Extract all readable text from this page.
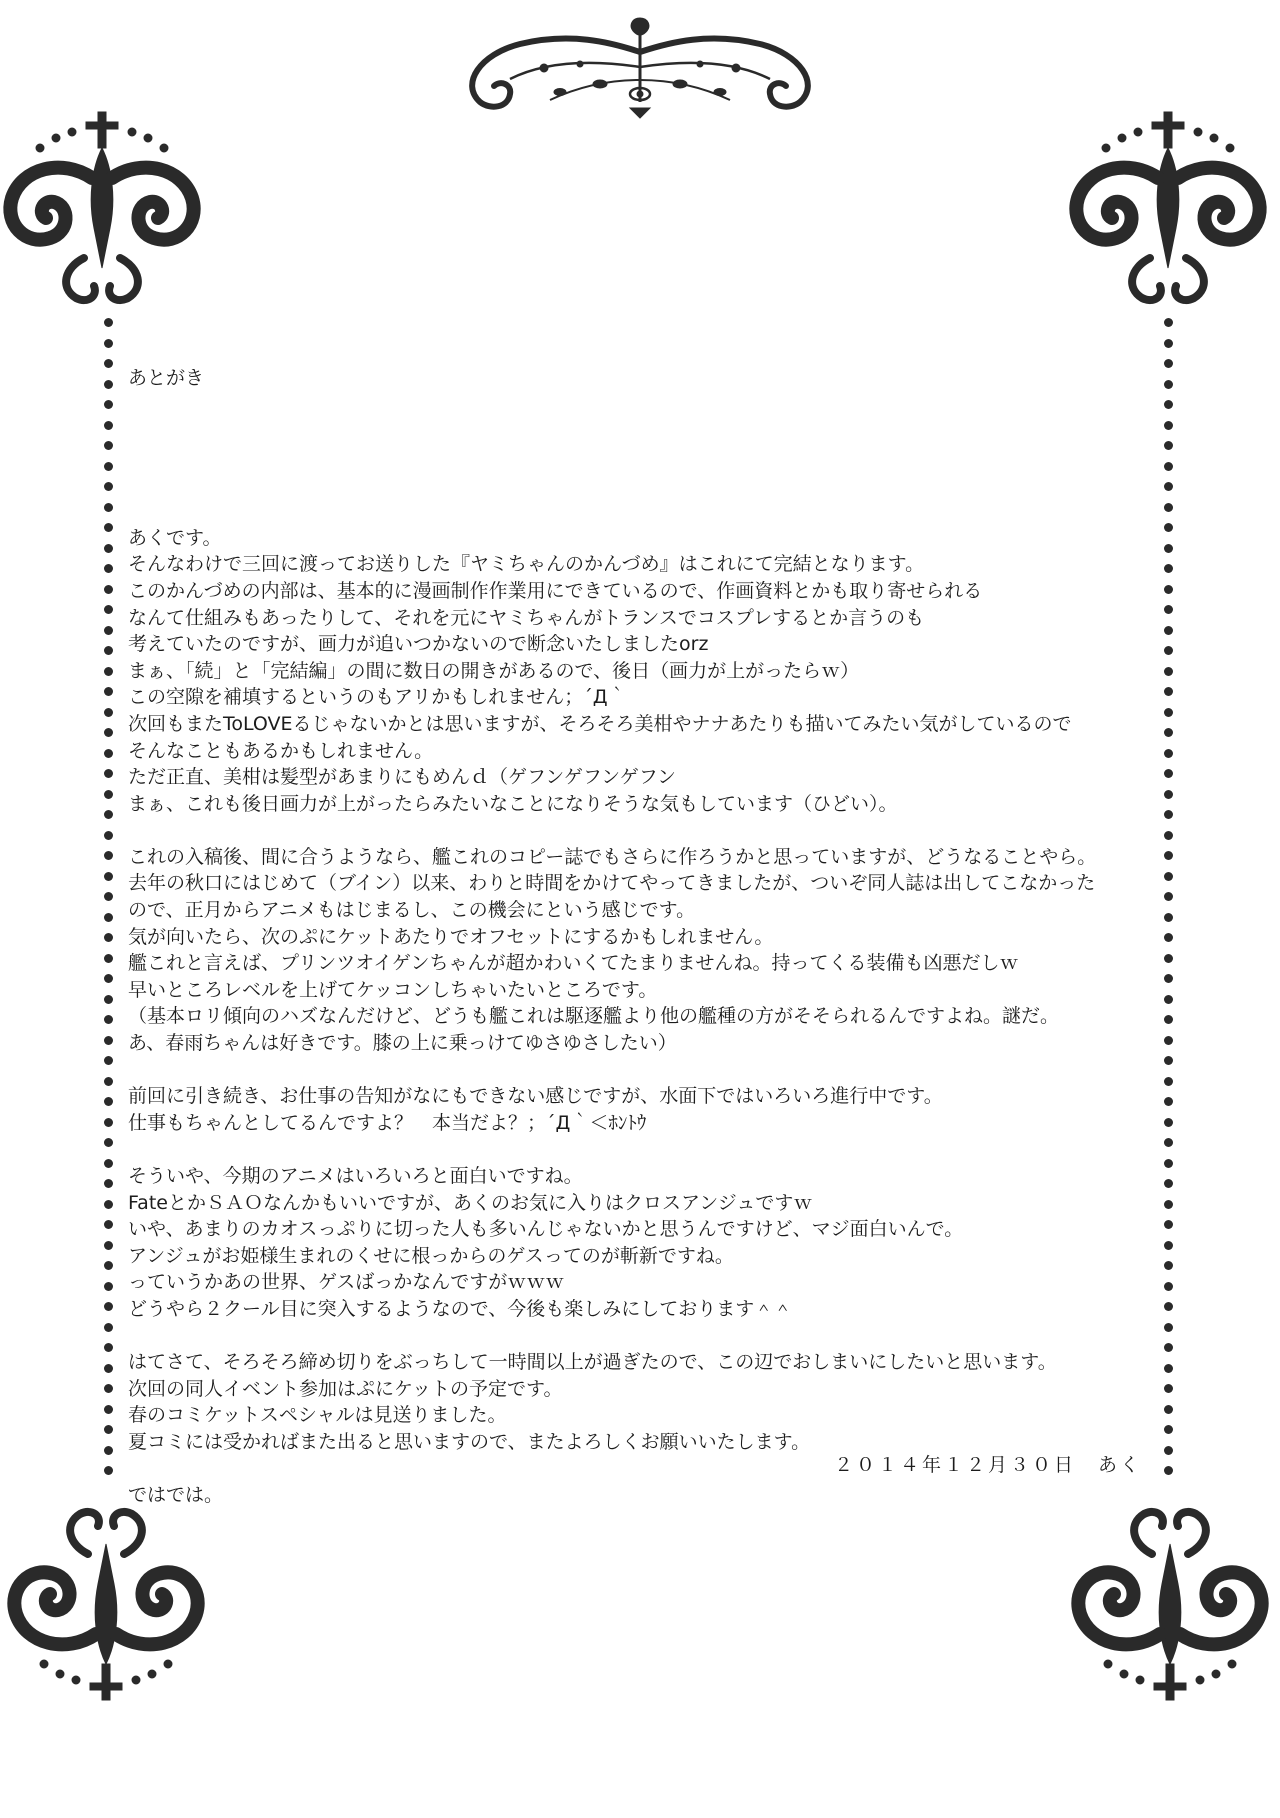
あとがき

あくです。
そんなわけで三回に渡ってお送りした『ヤミちゃんのかんづめ』はこれにて完結となります。
このかんづめの内部は、基本的に漫画制作作業用にできているので、作画資料とかも取り寄せられる
なんて仕組みもあったりして、それを元にヤミちゃんがトランスでコスプレするとか言うのも
考えていたのですが、画力が追いつかないので断念いたしましたorz
まぁ、「続」と「完結編」の間に数日の開きがあるので、後日（画力が上がったらｗ）
この空隙を補填するというのもアリかもしれません；´Д｀
次回もまたToLOVEるじゃないかとは思いますが、そろそろ美柑やナナあたりも描いてみたい気がしているので
そんなこともあるかもしれません。
ただ正直、美柑は髪型があまりにもめんｄ（ゲフンゲフンゲフン
まぁ、これも後日画力が上がったらみたいなことになりそうな気もしています（ひどい）。
これの入稿後、間に合うようなら、艦これのコピー誌でもさらに作ろうかと思っていますが、どうなることやら。
去年の秋口にはじめて（ブイン）以来、わりと時間をかけてやってきましたが、ついぞ同人誌は出してこなかった
ので、正月からアニメもはじまるし、この機会にという感じです。
気が向いたら、次のぷにケットあたりでオフセットにするかもしれません。
艦これと言えば、プリンツオイゲンちゃんが超かわいくてたまりませんね。持ってくる装備も凶悪だしｗ
早いところレベルを上げてケッコンしちゃいたいところです。
（基本ロリ傾向のハズなんだけど、どうも艦これは駆逐艦より他の艦種の方がそそられるんですよね。謎だ。
あ、春雨ちゃんは好きです。膝の上に乗っけてゆさゆさしたい）
前回に引き続き、お仕事の告知がなにもできない感じですが、水面下ではいろいろ進行中です。
仕事もちゃんとしてるんですよ？　本当だよ？；´Д｀＜ﾎﾝﾄｳ
そういや、今期のアニメはいろいろと面白いですね。
FateとかＳＡＯなんかもいいですが、あくのお気に入りはクロスアンジュですｗ
いや、あまりのカオスっぷりに切った人も多いんじゃないかと思うんですけど、マジ面白いんで。
アンジュがお姫様生まれのくせに根っからのゲスってのが斬新ですね。
っていうかあの世界、ゲスばっかなんですがｗｗｗ
どうやら２クール目に突入するようなので、今後も楽しみにしております＾＾
はてさて、そろそろ締め切りをぶっちして一時間以上が過ぎたので、この辺でおしまいにしたいと思います。
次回の同人イベント参加はぷにケットの予定です。
春のコミケットスペシャルは見送りました。
夏コミには受かればまた出ると思いますので、またよろしくお願いいたします。
ではでは。

２０１４年１２月３０日　あく
